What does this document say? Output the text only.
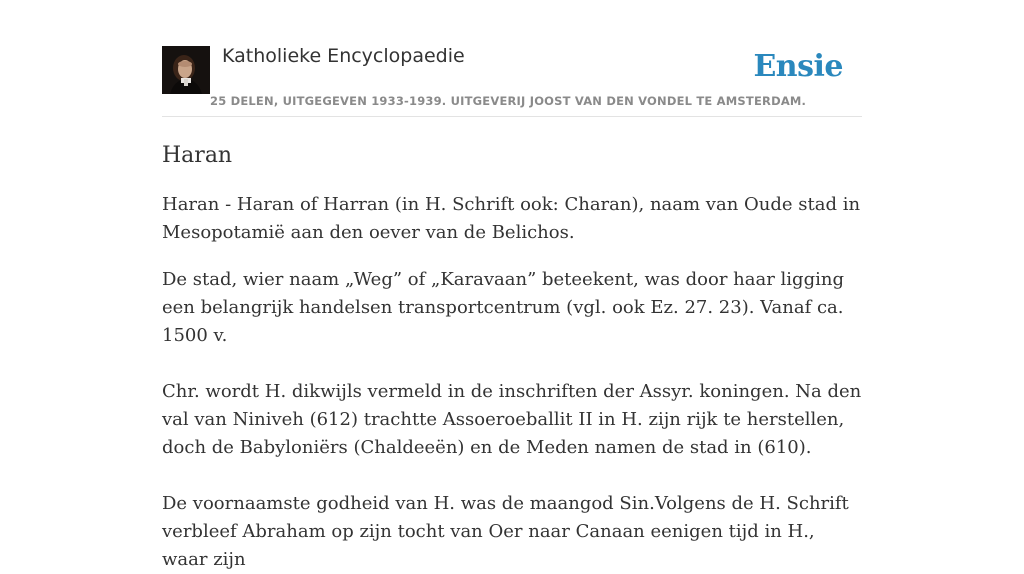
Katholieke Encyclopaedie	Ensie
25 DELEN, UITGEGEVEN 1933-1939. UITGEVERIJ JOOST VAN DEN VONDEL TE AMSTERDAM.
Haran

Haran - Haran of Harran (in H. Schrift ook: Charan), naam van Oude stad in Mesopotamië aan den oever van de Belichos.

De stad, wier naam „Weg” of „Karavaan” beteekent, was door haar ligging een belangrijk handelsen transportcentrum (vgl. ook Ez. 27. 23). Vanaf ca. 1500 v.

Chr. wordt H. dikwijls vermeld in de inschriften der Assyr. koningen. Na den val van Niniveh (612) trachtte Assoeroeballit II in H. zijn rijk te herstellen, doch de Babyloniërs (Chaldeeën) en de Meden namen de stad in (610).

De voornaamste godheid van H. was de maangod Sin.Volgens de H. Schrift verbleef Abraham op zijn tocht van Oer naar Canaan eenigen tijd in H., waar zijn
